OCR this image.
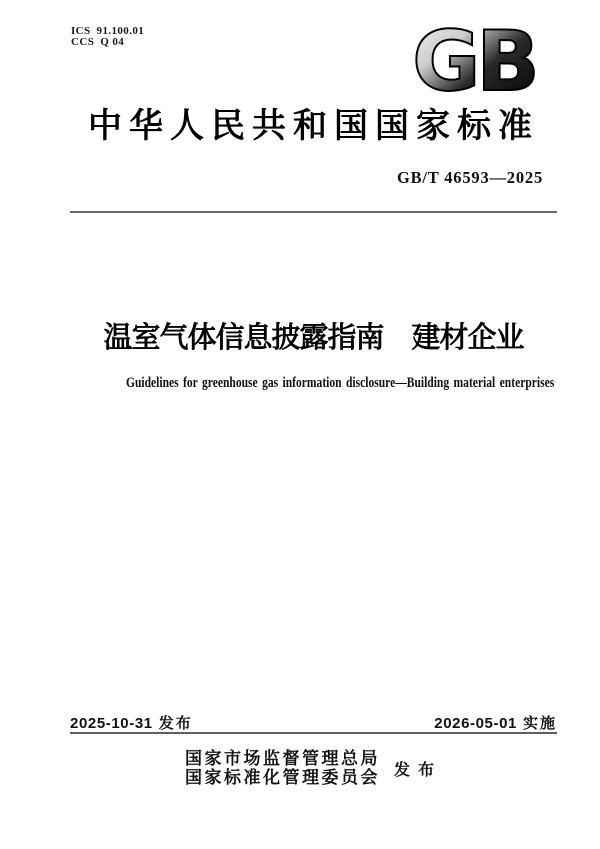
ICS 91.100.01
CCS Q 04	GB
中华人民共和国国家标准
GB/T 46593—2025
温室气体信息披露指南　建材企业
Guidelines for greenhouse gas information disclosure—Building material enterprises
2025-10-31 发布	2026-05-01 实施
国家市场监督管理总局
国家标准化管理委员会 发布
